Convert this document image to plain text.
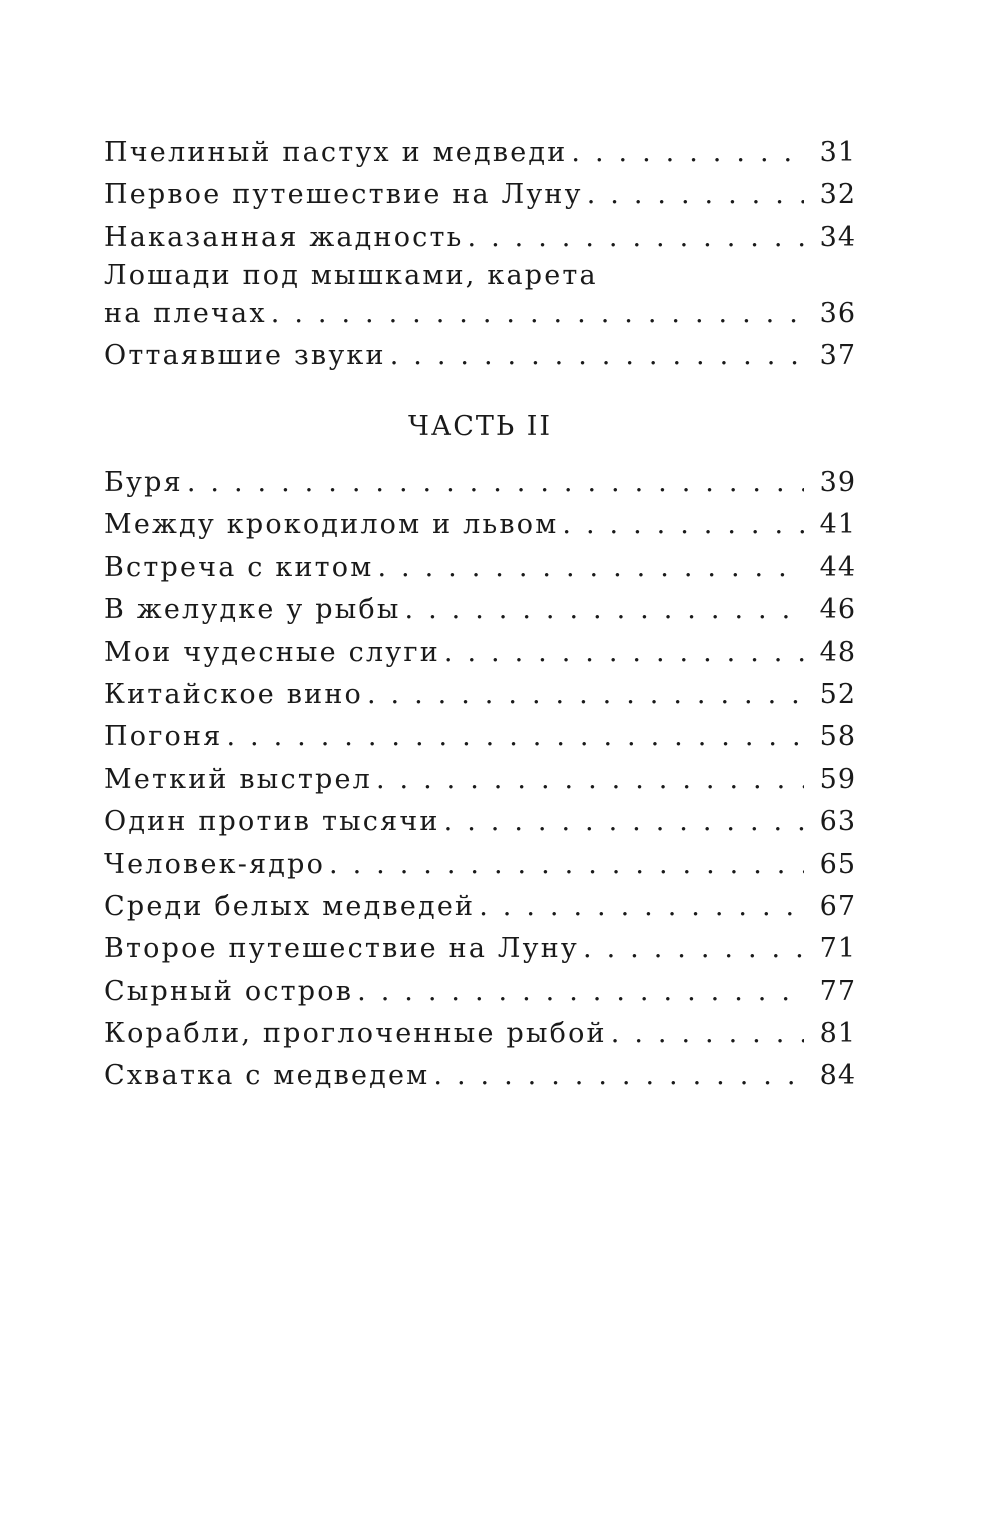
Пчелиный пастух и медведи . . .	31
Первое путешествие на Луну . . .	32
Наказанная жадность . . .	34
Лошади под мышками, карета
на плечах . . .	36
Оттаявшие звуки . . .	37
ЧАСТЬ II
Буря . . .	39
Между крокодилом и львом . . .	41
Встреча с китом . . .	44
В желудке у рыбы . . .	46
Мои чудесные слуги . . .	48
Китайское вино . . .	52
Погоня . . .	58
Меткий выстрел . . .	59
Один против тысячи . . .	63
Человек-ядро . . .	65
Среди белых медведей . . .	67
Второе путешествие на Луну . . .	71
Сырный остров . . .	77
Корабли, проглоченные рыбой . . .	81
Схватка с медведем . . .	84
